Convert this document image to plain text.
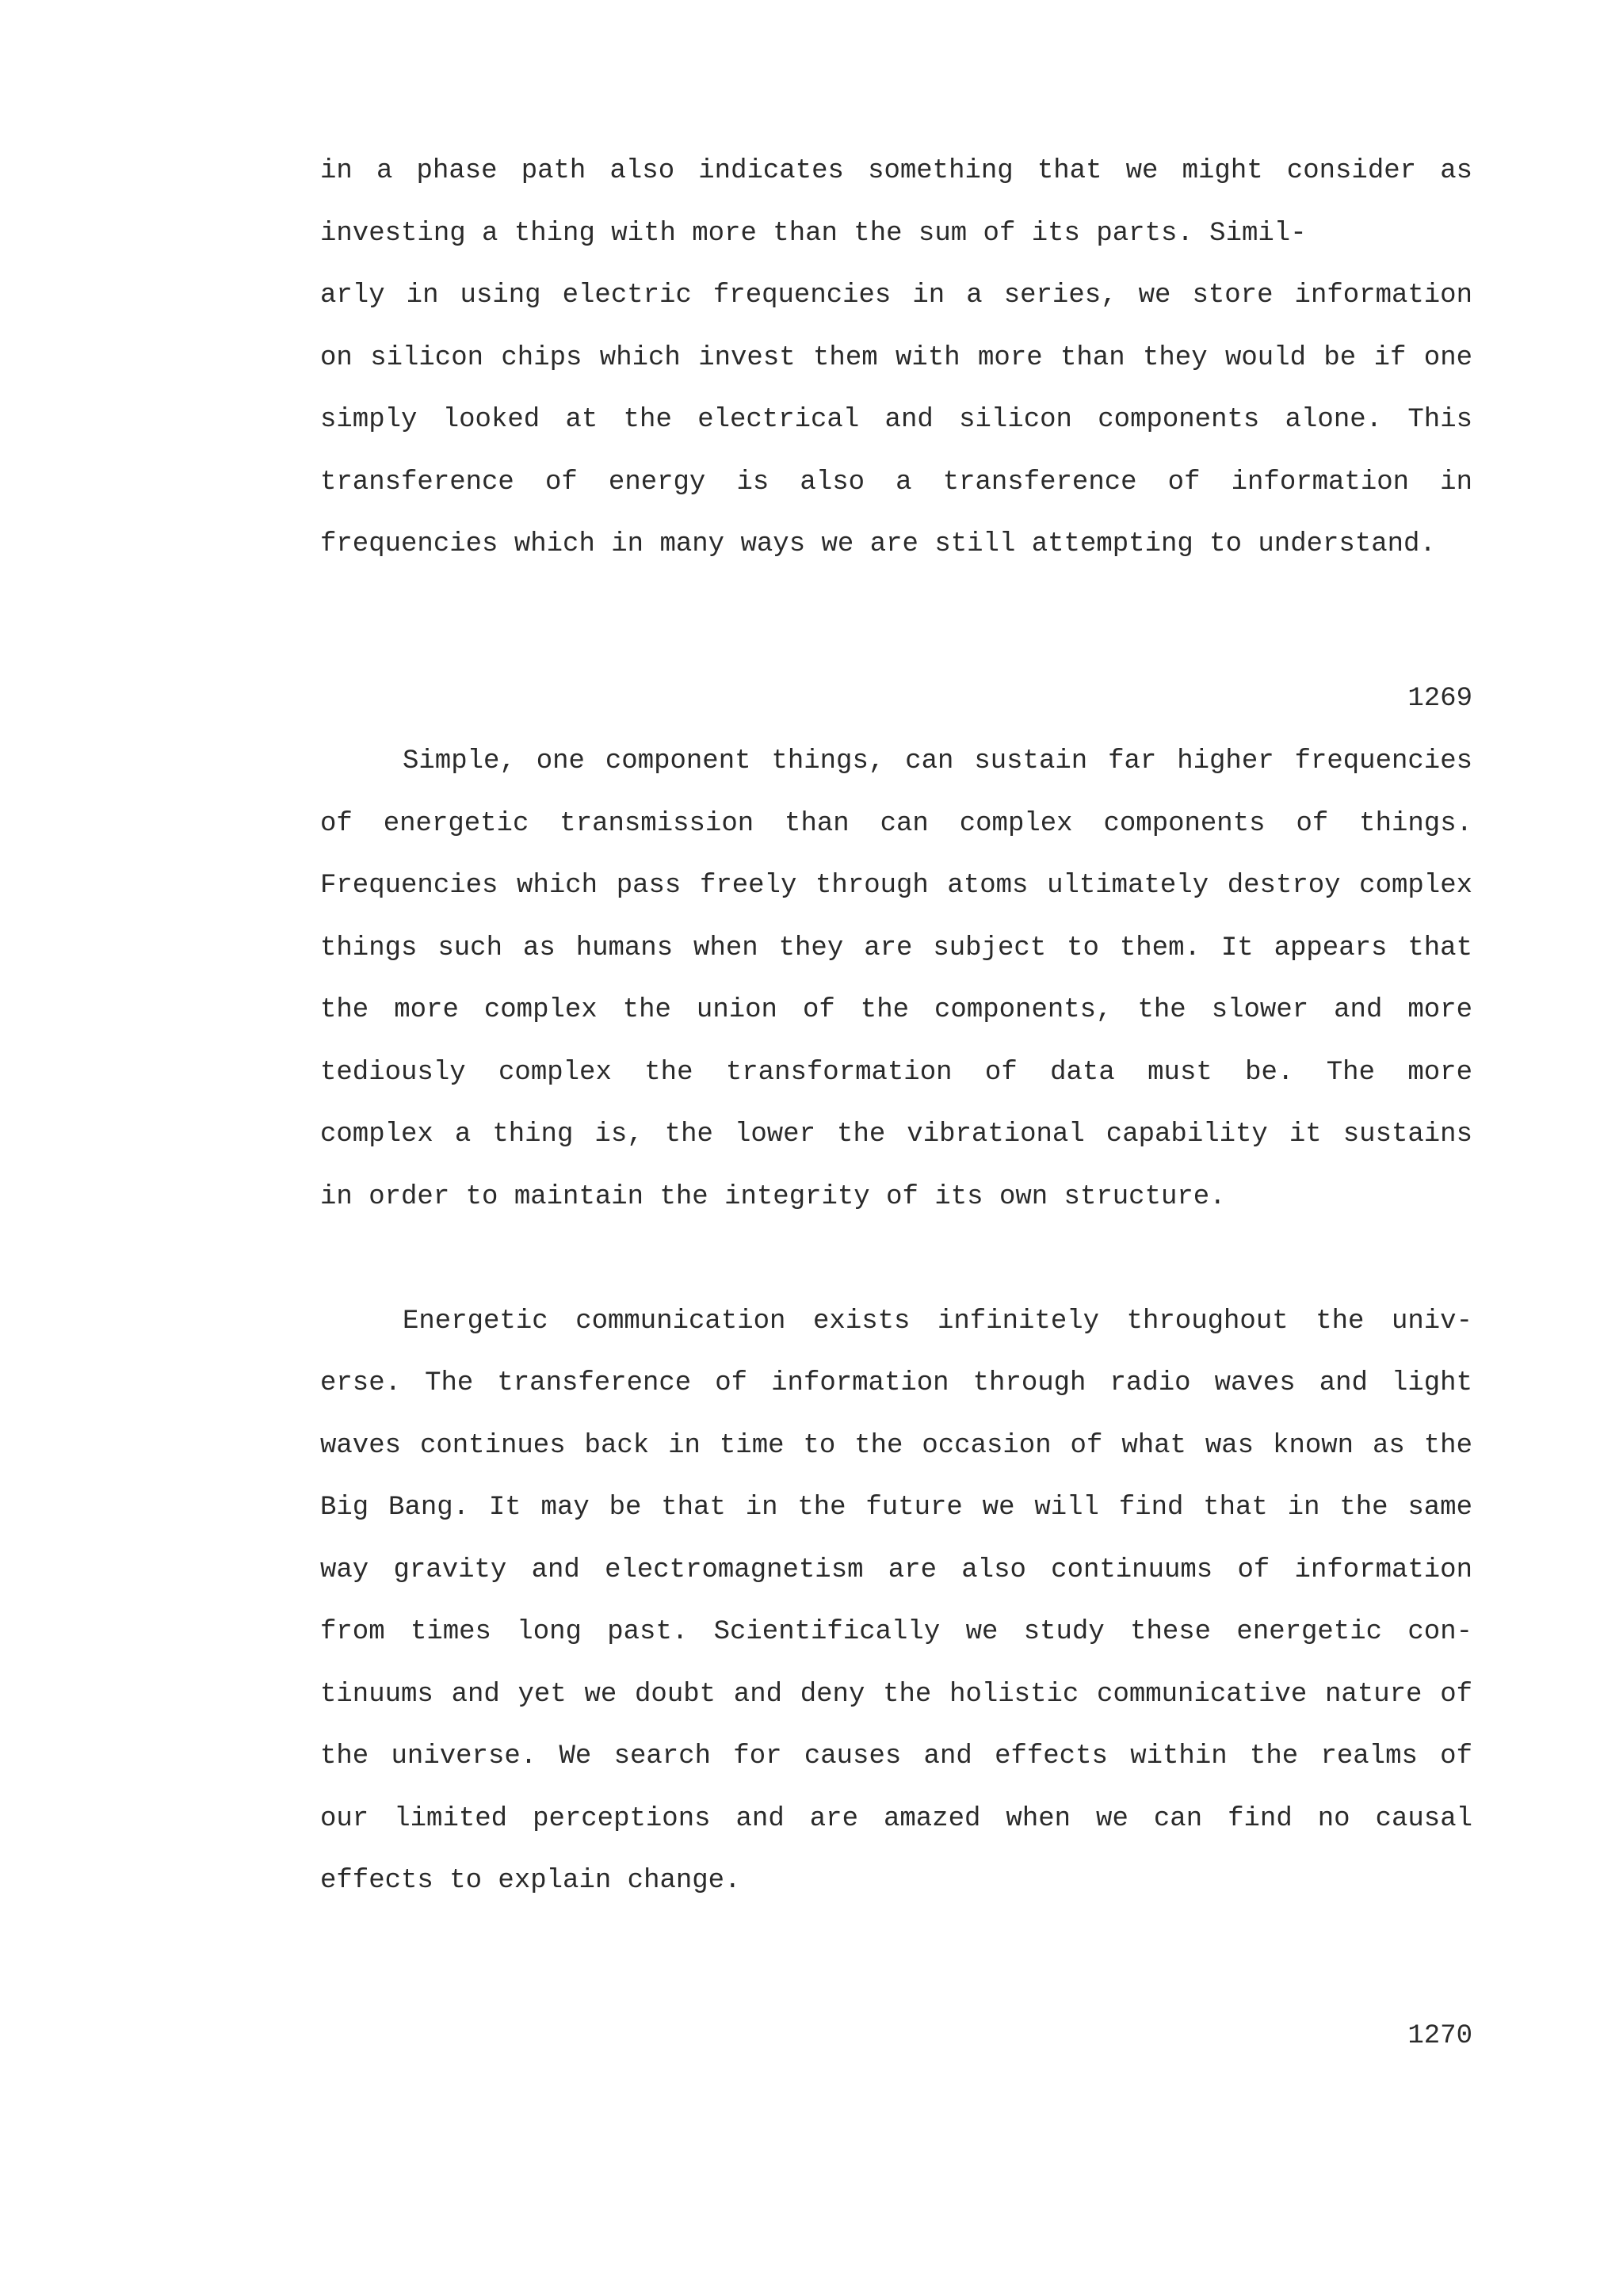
in a phase path also indicates something that we might consider as

investing a thing with more than the sum of its parts. Simil-

arly in using electric frequencies in a series, we store information

on silicon chips which invest them with more than they would be if one

simply looked at the electrical and silicon components alone. This

transference of energy is also a transference of information in

frequencies which in many ways we are still attempting to understand.

1269

Simple, one component things, can sustain far higher frequencies

of energetic transmission than can complex components of things.

Frequencies which pass freely through atoms ultimately destroy complex

things such as humans when they are subject to them. It appears that

the more complex the union of the components, the slower and more

tediously complex the transformation of data must be. The more

complex a thing is, the lower the vibrational capability it sustains

in order to maintain the integrity of its own structure.

Energetic communication exists infinitely throughout the univ-

erse. The transference of information through radio waves and light

waves continues back in time to the occasion of what was known as the

Big Bang. It may be that in the future we will find that in the same

way gravity and electromagnetism are also continuums of information

from times long past. Scientifically we study these energetic con-

tinuums and yet we doubt and deny the holistic communicative nature of

the universe. We search for causes and effects within the realms of

our limited perceptions and are amazed when we can find no causal

effects to explain change.

1270
